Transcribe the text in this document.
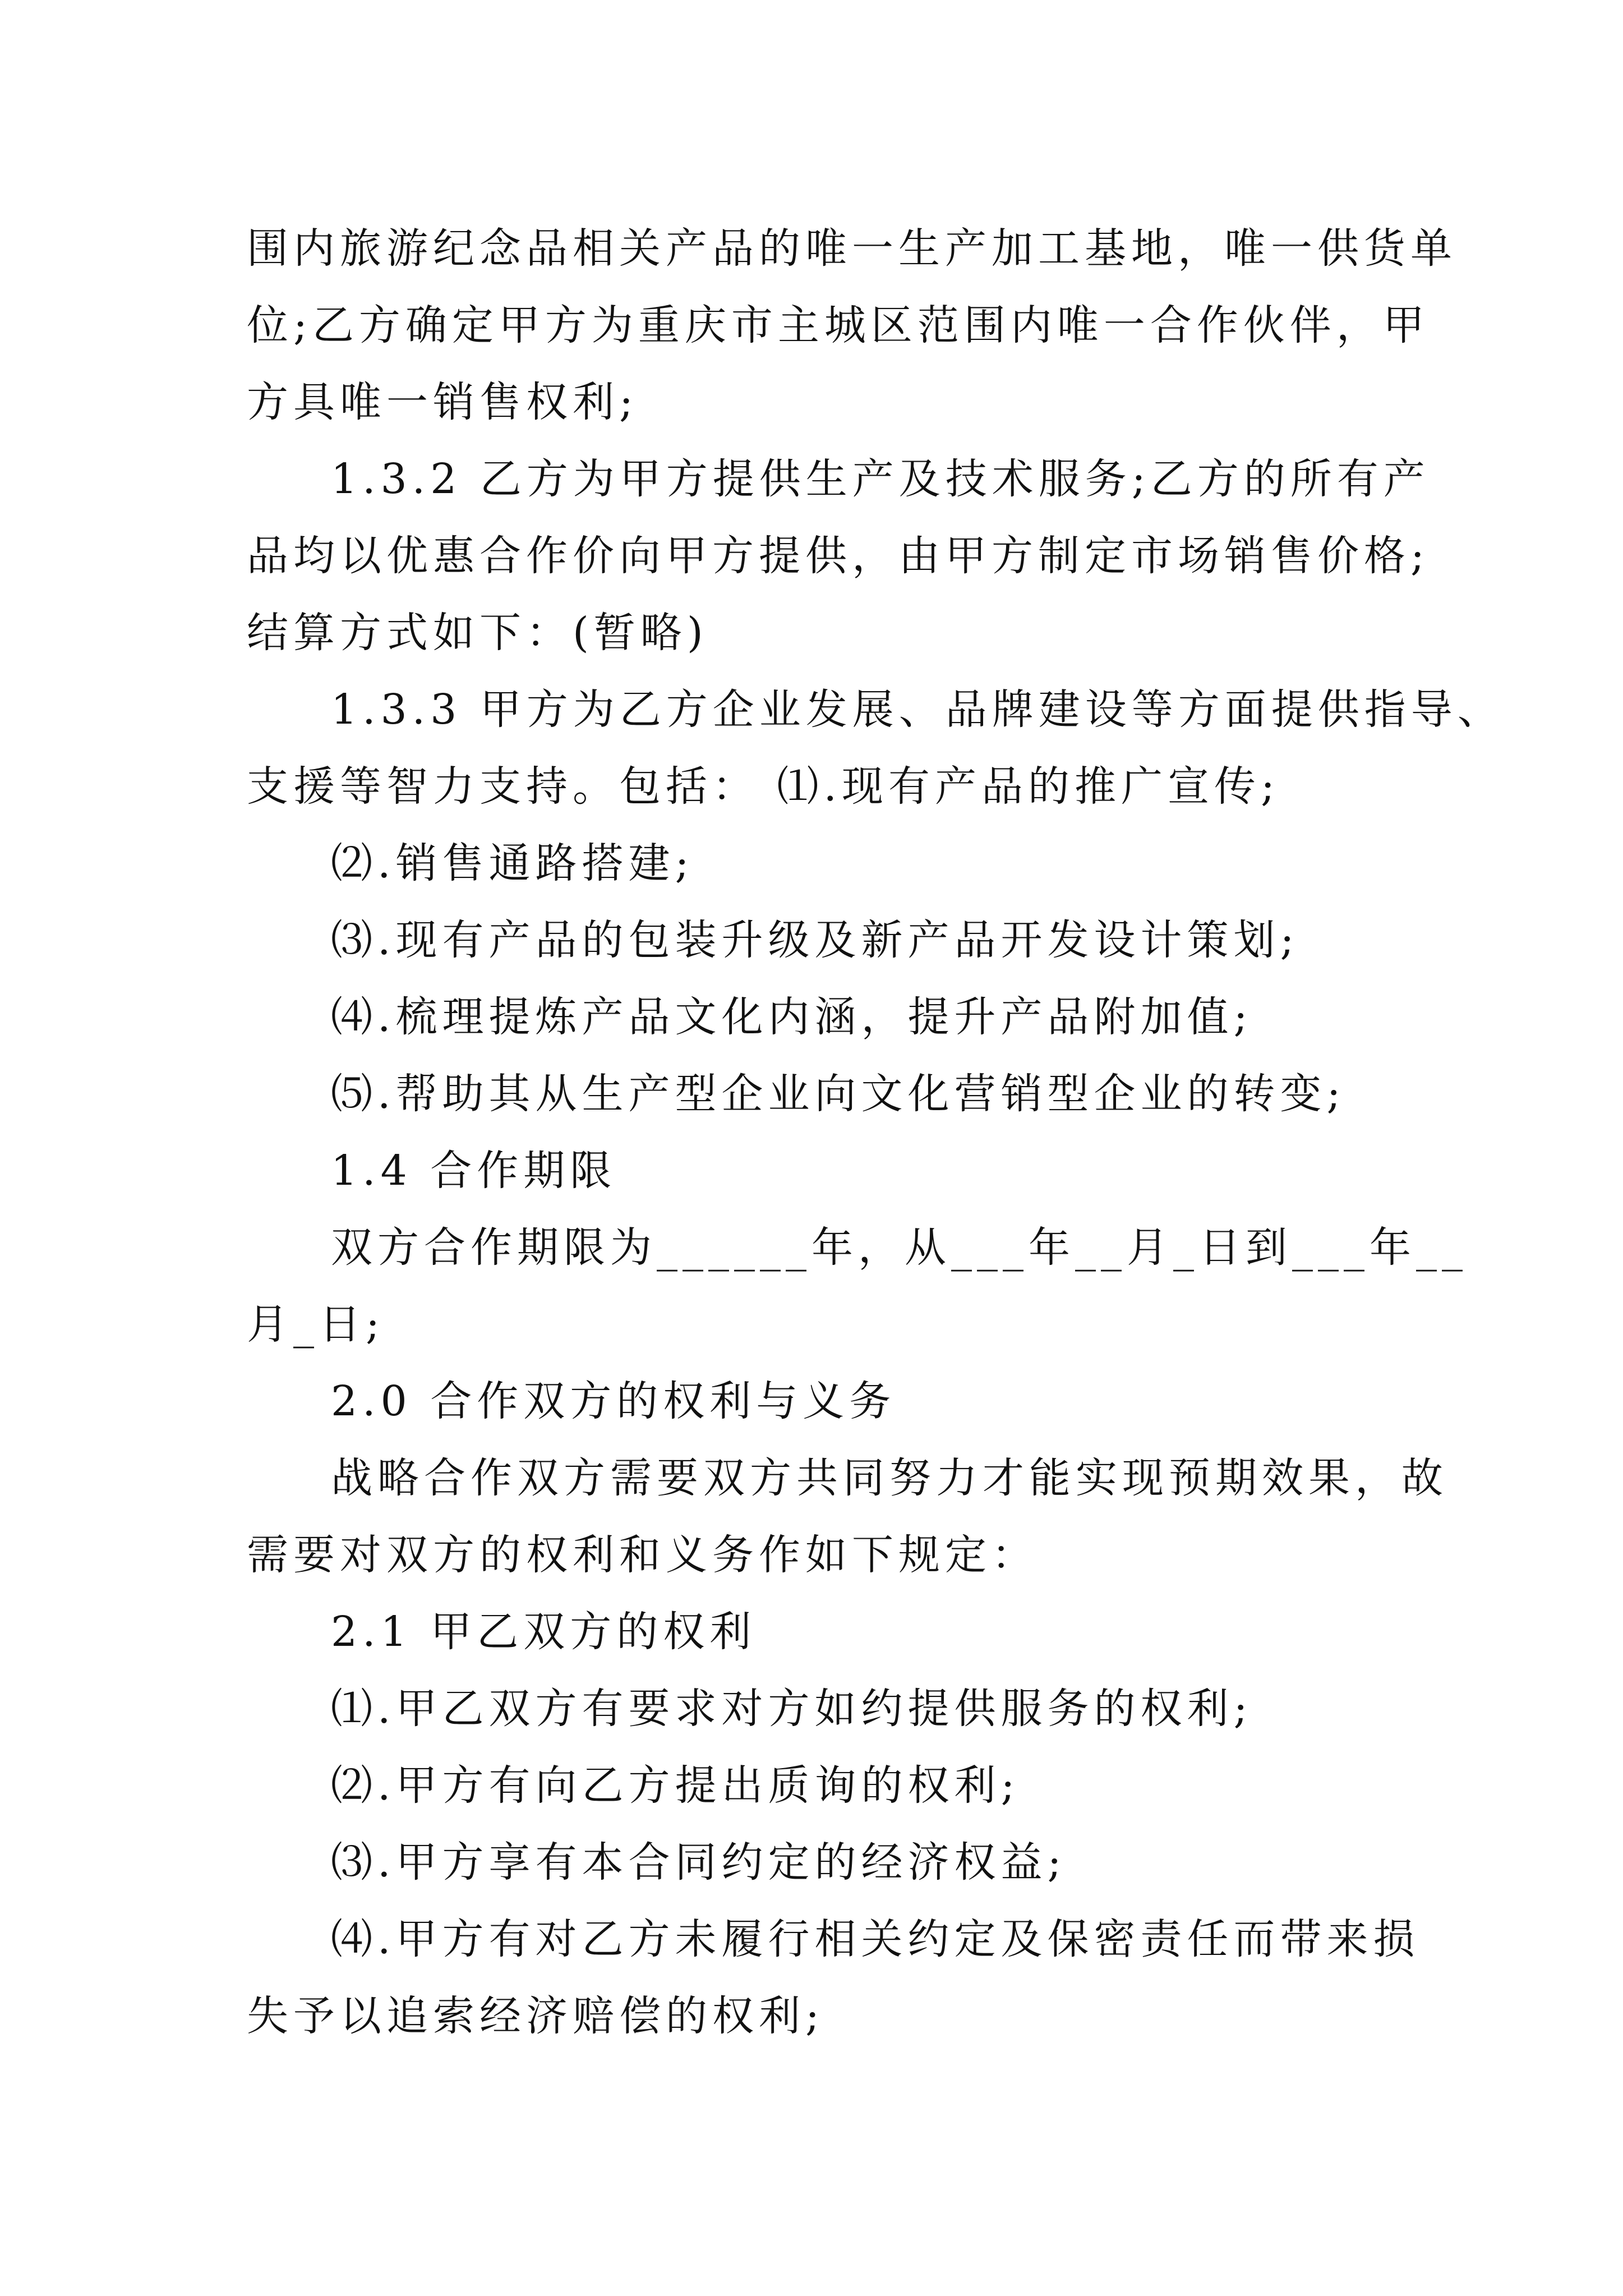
围内旅游纪念品相关产品的唯一生产加工基地，唯一供货单
位;乙方确定甲方为重庆市主城区范围内唯一合作伙伴，甲
方具唯一销售权利;
1.3.2 乙方为甲方提供生产及技术服务;乙方的所有产
品均以优惠合作价向甲方提供，由甲方制定市场销售价格;
结算方式如下：(暂略)
1.3.3 甲方为乙方企业发展、品牌建设等方面提供指导、
支援等智力支持。包括： ⑴.现有产品的推广宣传;
⑵.销售通路搭建;
⑶.现有产品的包装升级及新产品开发设计策划;
⑷.梳理提炼产品文化内涵，提升产品附加值;
⑸.帮助其从生产型企业向文化营销型企业的转变;
1.4 合作期限
双方合作期限为______年，从___年__月_日到___年__
月_日;
2.0 合作双方的权利与义务
战略合作双方需要双方共同努力才能实现预期效果，故
需要对双方的权利和义务作如下规定：
2.1 甲乙双方的权利
⑴.甲乙双方有要求对方如约提供服务的权利;
⑵.甲方有向乙方提出质询的权利;
⑶.甲方享有本合同约定的经济权益;
⑷.甲方有对乙方未履行相关约定及保密责任而带来损
失予以追索经济赔偿的权利;
